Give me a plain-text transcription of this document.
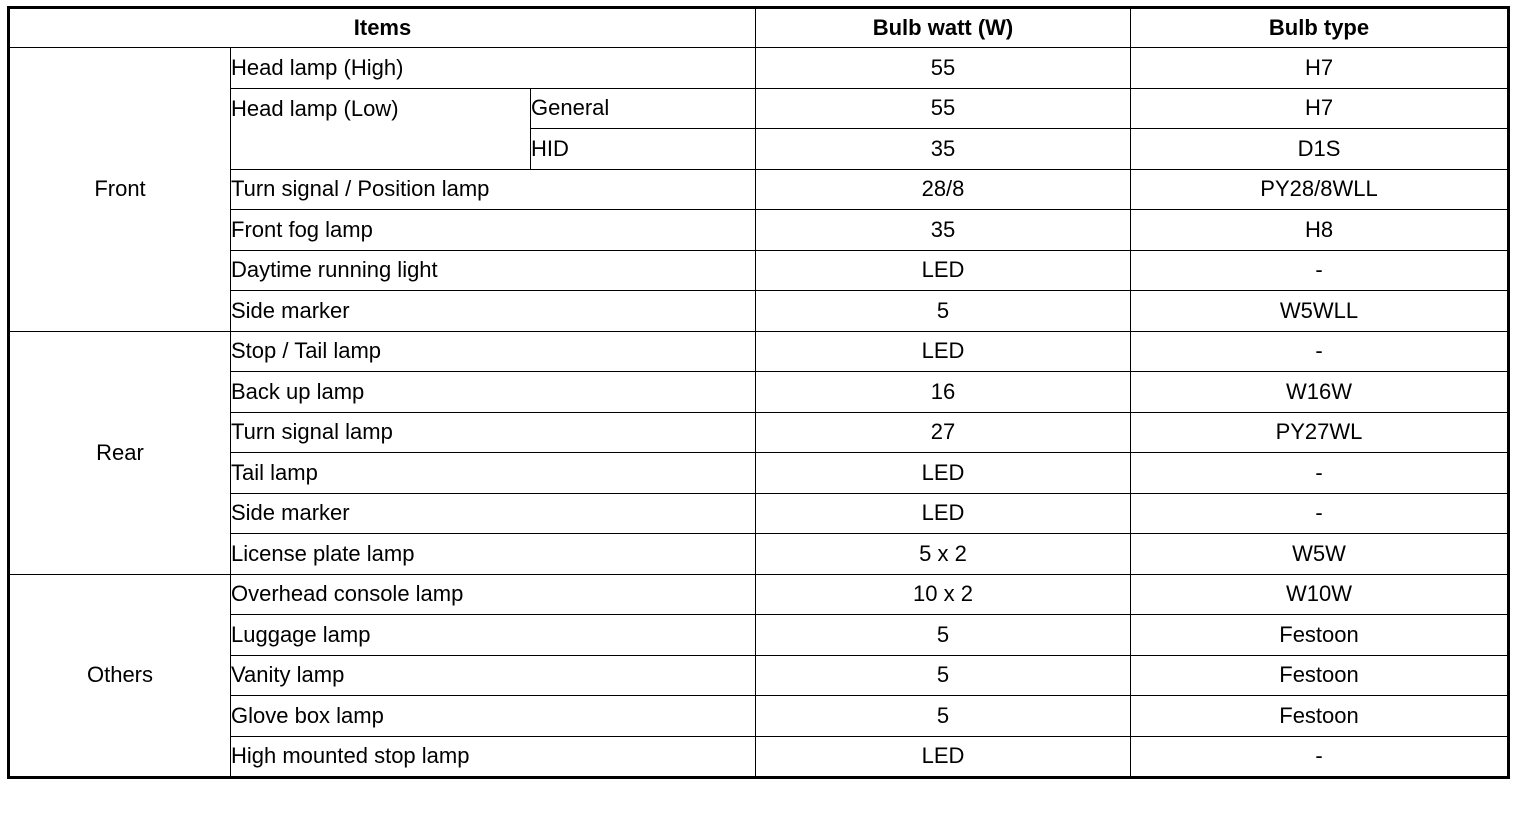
Items			Bulb watt (W)	Bulb type
Front	Head lamp (High)		55	H7
	Head lamp (Low)	General	55	H7
		HID	35	D1S
	Turn signal / Position lamp		28/8	PY28/8WLL
	Front fog lamp		35	H8
	Daytime running light		LED	-
	Side marker		5	W5WLL
Rear	Stop / Tail lamp		LED	-
	Back up lamp		16	W16W
	Turn signal lamp		27	PY27WL
	Tail lamp		LED	-
	Side marker		LED	-
	License plate lamp		5 x 2	W5W
Others	Overhead console lamp		10 x 2	W10W
	Luggage lamp		5	Festoon
	Vanity lamp		5	Festoon
	Glove box lamp		5	Festoon
	High mounted stop lamp		LED	-
